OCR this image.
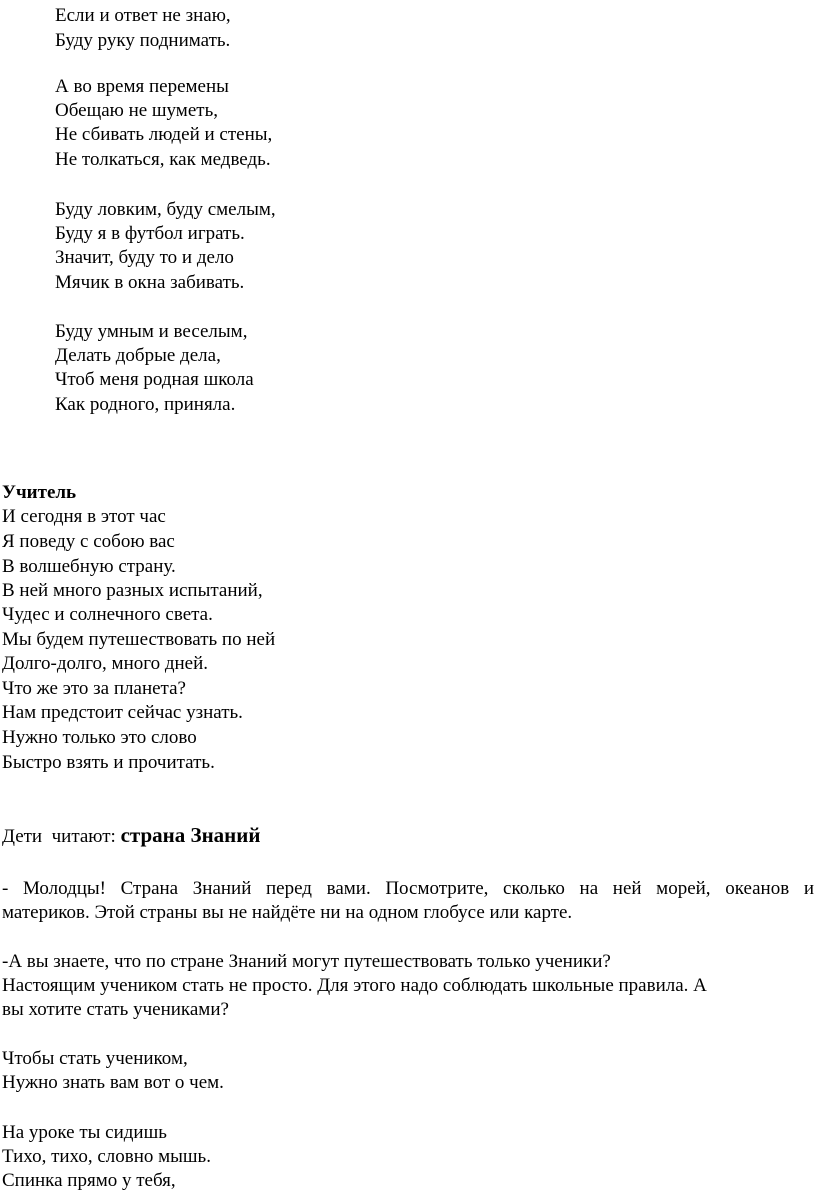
Если и ответ не знаю,
Буду руку поднимать.
А во время перемены
Обещаю не шуметь,
Не сбивать людей и стены,
Не толкаться, как медведь.
Буду ловким, буду смелым,
Буду я в футбол играть.
Значит, буду то и дело
Мячик в окна забивать.
Буду умным и веселым,
Делать добрые дела,
Чтоб меня родная школа
Как родного, приняла.
Учитель
И сегодня в этот час
Я поведу с собою вас
В волшебную страну.
В ней много разных испытаний,
Чудес и солнечного света.
Мы будем путешествовать по ней
Долго-долго, много дней.
Что же это за планета?
Нам предстоит сейчас узнать.
Нужно только это слово
Быстро взять и прочитать.
Дети  читают: страна Знаний
- Молодцы! Страна Знаний перед вами. Посмотрите, сколько на ней морей, океанов и
материков. Этой страны вы не найдёте ни на одном глобусе или карте.
-А вы знаете, что по стране Знаний могут путешествовать только ученики?
Настоящим учеником стать не просто. Для этого надо соблюдать школьные правила. А
вы хотите стать учениками?
Чтобы стать учеником,
Нужно знать вам вот о чем.
На уроке ты сидишь
Тихо, тихо, словно мышь.
Спинка прямо у тебя,
